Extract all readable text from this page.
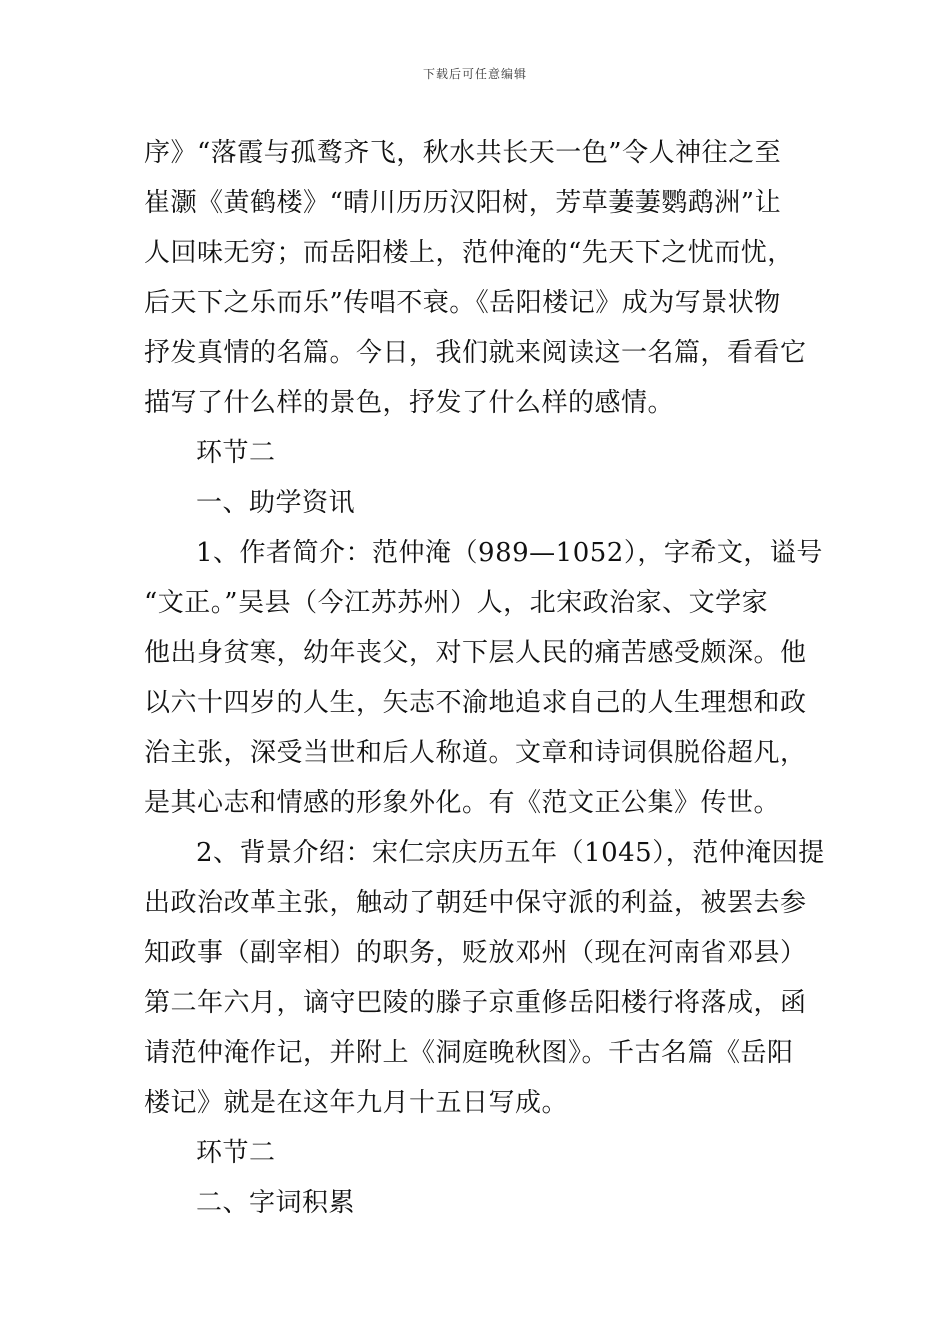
下载后可任意编辑
序》“落霞与孤鹜齐飞，秋水共长天一色”令人神往之至
崔灏《黄鹤楼》“晴川历历汉阳树，芳草萋萋鹦鹉洲”让
人回味无穷；而岳阳楼上，范仲淹的“先天下之忧而忧，
后天下之乐而乐”传唱不衰。《岳阳楼记》成为写景状物
抒发真情的名篇。今日，我们就来阅读这一名篇，看看它
描写了什么样的景色，抒发了什么样的感情。
环节二
一、助学资讯
1、作者简介：范仲淹（989—1052），字希文，谥号
“文正。”吴县（今江苏苏州）人，北宋政治家、文学家
他出身贫寒，幼年丧父，对下层人民的痛苦感受颇深。他
以六十四岁的人生，矢志不渝地追求自己的人生理想和政
治主张，深受当世和后人称道。文章和诗词俱脱俗超凡，
是其心志和情感的形象外化。有《范文正公集》传世。
2、背景介绍：宋仁宗庆历五年（1045），范仲淹因提
出政治改革主张，触动了朝廷中保守派的利益，被罢去参
知政事（副宰相）的职务，贬放邓州（现在河南省邓县）
第二年六月，谪守巴陵的滕子京重修岳阳楼行将落成，函
请范仲淹作记，并附上《洞庭晚秋图》。千古名篇《岳阳
楼记》就是在这年九月十五日写成。
环节二
二、字词积累
